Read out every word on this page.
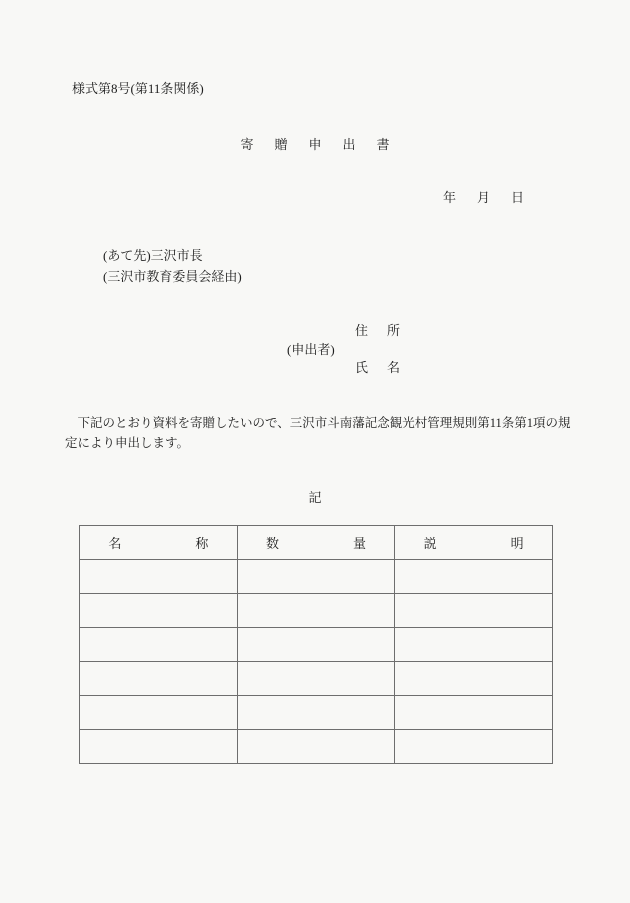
様式第8号(第11条関係)
寄 贈 申 出 書
年 月 日
(あて先)三沢市長
(三沢市教育委員会経由)
住 所
(申出者)
氏 名
　下記のとおり資料を寄贈したいので、三沢市斗南藩記念観光村管理規則第11条第1項の規
定により申出します。
記
名 称	数 量	説 明
